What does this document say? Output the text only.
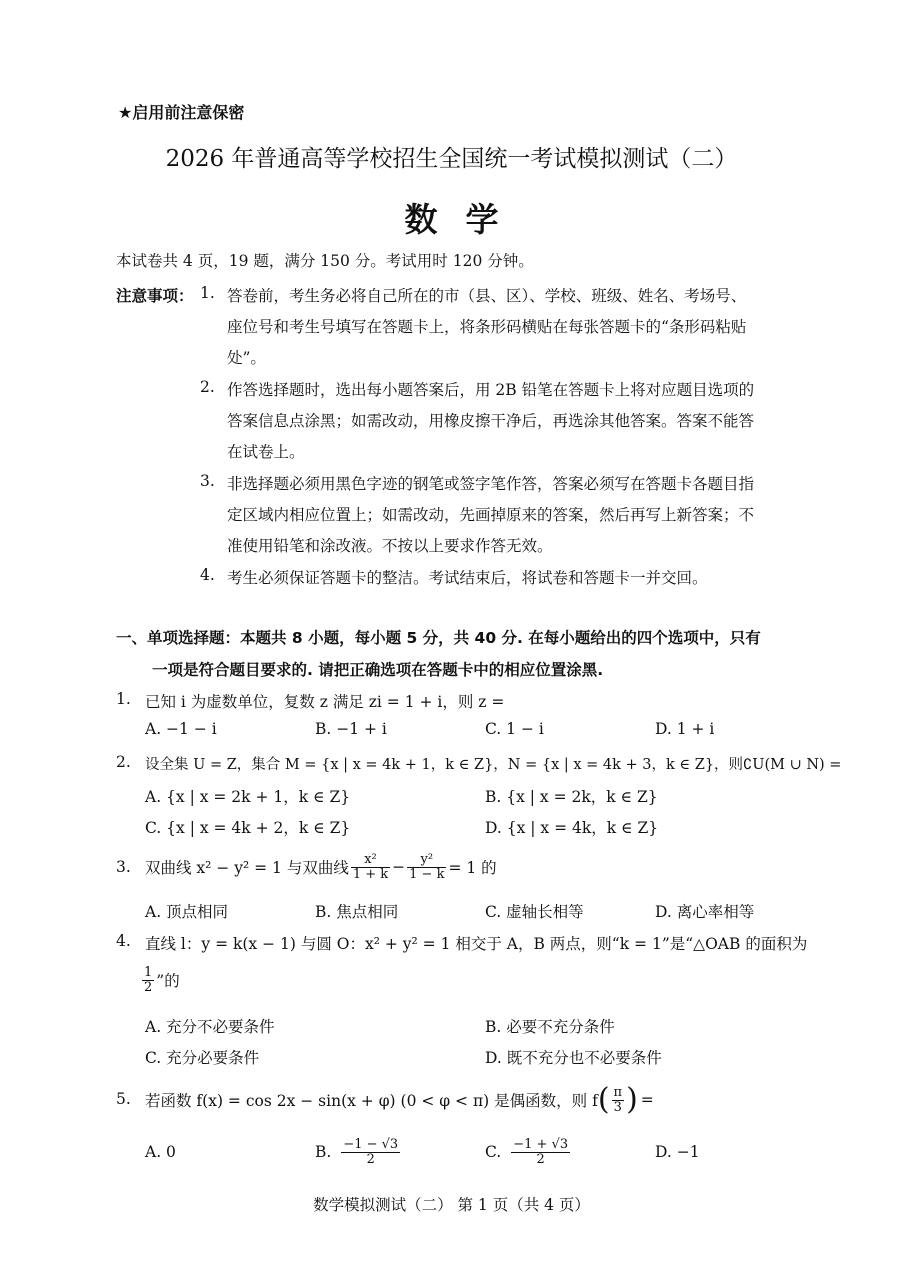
★启用前注意保密
2026 年普通高等学校招生全国统一考试模拟测试（二）
数学
本试卷共 4 页，19 题，满分 150 分。考试用时 120 分钟。
注意事项： 1. 答卷前，考生务必将自己所在的市（县、区）、学校、班级、姓名、考场号、
座位号和考生号填写在答题卡上，将条形码横贴在每张答题卡的“条形码粘贴
处”。
2. 作答选择题时，选出每小题答案后，用 2B 铅笔在答题卡上将对应题目选项的
答案信息点涂黑；如需改动，用橡皮擦干净后，再选涂其他答案。答案不能答
在试卷上。
3. 非选择题必须用黑色字迹的钢笔或签字笔作答，答案必须写在答题卡各题目指
定区域内相应位置上；如需改动，先画掉原来的答案，然后再写上新答案；不
准使用铅笔和涂改液。不按以上要求作答无效。
4. 考生必须保证答题卡的整洁。考试结束后，将试卷和答题卡一并交回。
一、单项选择题：本题共 8 小题，每小题 5 分，共 40 分. 在每小题给出的四个选项中，只有
一项是符合题目要求的. 请把正确选项在答题卡中的相应位置涂黑.
1. 已知 i 为虚数单位，复数 z 满足 zi = 1 + i，则 z =
A. −1 − i	B. −1 + i	C. 1 − i	D. 1 + i
2. 设全集 U = Z，集合 M = {x | x = 4k + 1，k ∈ Z}，N = {x | x = 4k + 3，k ∈ Z}，则∁U(M ∪ N) =
A. {x | x = 2k + 1，k ∈ Z}	B. {x | x = 2k，k ∈ Z}
C. {x | x = 4k + 2，k ∈ Z}	D. {x | x = 4k，k ∈ Z}
3. 双曲线 x² − y² = 1 与双曲线 $\frac{\text{x²}}{1 + k} - \frac{\text{y²}}{1 - k} = 1$ 的
A. 顶点相同	B. 焦点相同	C. 虚轴长相等	D. 离心率相等
4. 直线 l：y = k(x − 1) 与圆 O：x² + y² = 1 相交于 A，B 两点，则“k = 1”是“△OAB 的面积为
$\frac{1}{2}$ ”的
A. 充分不必要条件	B. 必要不充分条件
C. 充分必要条件	D. 既不充分也不必要条件
5. 若函数 f(x) = cos 2x − sin(x + φ) (0 < φ < π) 是偶函数，则 f ( $\frac{\pi}{3}$ ) =
A. 0	B. $\frac{-1 - √3}{2}$	C. $\frac{-1 + √3}{2}$	D. −1
数学模拟测试（二） 第 1 页（共 4 页）
